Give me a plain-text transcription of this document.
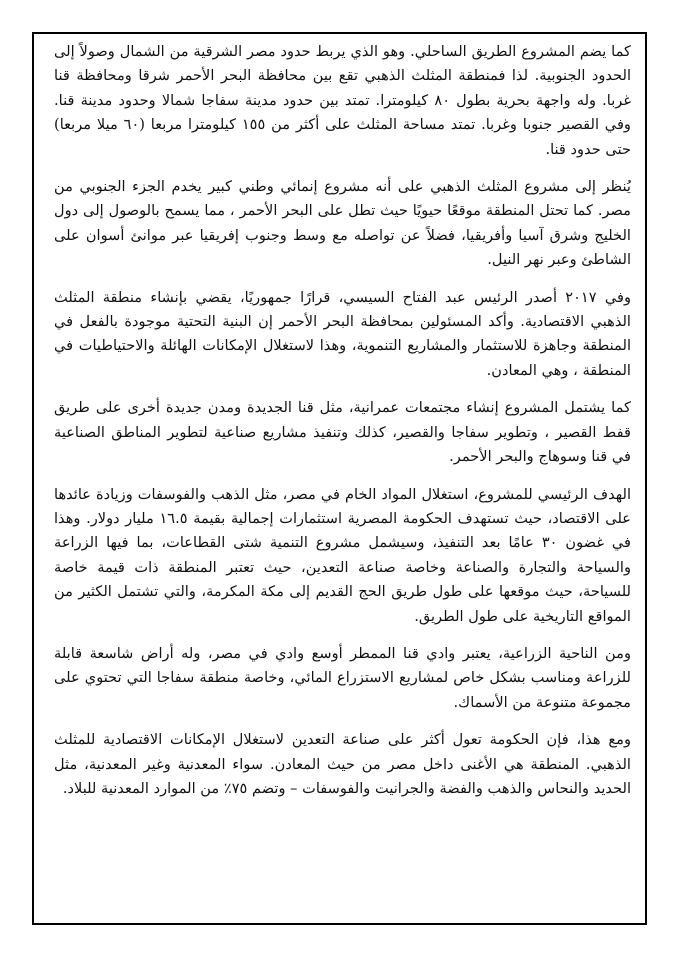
كما يضم المشروع الطريق الساحلي. وهو الذي يربط حدود مصر الشرقية من الشمال وصولاً إلى الحدود الجنوبية. لذا فمنطقة المثلث الذهبي تقع بين محافظة البحر الأحمر شرقا ومحافظة قنا غربا. وله واجهة بحرية بطول ٨٠ كيلومترا. تمتد بين حدود مدينة سفاجا شمالا وحدود مدينة قنا. وفي القصير جنوبا وغربا. تمتد مساحة المثلث على أكثر من ١٥٥ كيلومترا مربعا (٦٠ ميلا مربعا) حتى حدود قنا.

يُنظر إلى مشروع المثلث الذهبي على أنه مشروع إنمائي وطني كبير يخدم الجزء الجنوبي من مصر. كما تحتل المنطقة موقعًا حيويًا حيث تطل على البحر الأحمر ، مما يسمح بالوصول إلى دول الخليج وشرق آسيا وأفريقيا، فضلاً عن تواصله مع وسط وجنوب إفريقيا عبر موانئ أسوان على الشاطئ وعبر نهر النيل.

وفي ٢٠١٧ أصدر الرئيس عبد الفتاح السيسي، قرارًا جمهوريًا، يقضي بإنشاء منطقة المثلث الذهبي الاقتصادية. وأكد المسئولين بمحافظة البحر الأحمر إن البنية التحتية موجودة بالفعل في المنطقة وجاهزة للاستثمار والمشاريع التنموية، وهذا لاستغلال الإمكانات الهائلة والاحتياطيات في المنطقة ، وهي المعادن.

كما يشتمل المشروع إنشاء مجتمعات عمرانية، مثل قنا الجديدة ومدن جديدة أخرى على طريق قفط القصير ، وتطوير سفاجا والقصير، كذلك وتنفيذ مشاريع صناعية لتطوير المناطق الصناعية في قنا وسوهاج والبحر الأحمر.

الهدف الرئيسي للمشروع، استغلال المواد الخام في مصر، مثل الذهب والفوسفات وزيادة عائدها على الاقتصاد، حيث تستهدف الحكومة المصرية استثمارات إجمالية بقيمة ١٦.٥ مليار دولار. وهذا في غضون ٣٠ عامًا بعد التنفيذ، وسيشمل مشروع التنمية شتى القطاعات، بما فيها الزراعة والسياحة والتجارة والصناعة وخاصة صناعة التعدين، حيث تعتبر المنطقة ذات قيمة خاصة للسياحة، حيث موقعها على طول طريق الحج القديم إلى مكة المكرمة، والتي تشتمل الكثير من المواقع التاريخية على طول الطريق.

ومن الناحية الزراعية، يعتبر وادي قنا الممطر أوسع وادي في مصر، وله أراض شاسعة قابلة للزراعة ومناسب بشكل خاص لمشاريع الاستزراع المائي، وخاصة منطقة سفاجا التي تحتوي على مجموعة متنوعة من الأسماك.

ومع هذا، فإن الحكومة تعول أكثر على صناعة التعدين لاستغلال الإمكانات الاقتصادية للمثلث الذهبي. المنطقة هي الأغنى داخل مصر من حيث المعادن. سواء المعدنية وغير المعدنية، مثل الحديد والنحاس والذهب والفضة والجرانيت والفوسفات – وتضم ٧٥٪ من الموارد المعدنية للبلاد.
